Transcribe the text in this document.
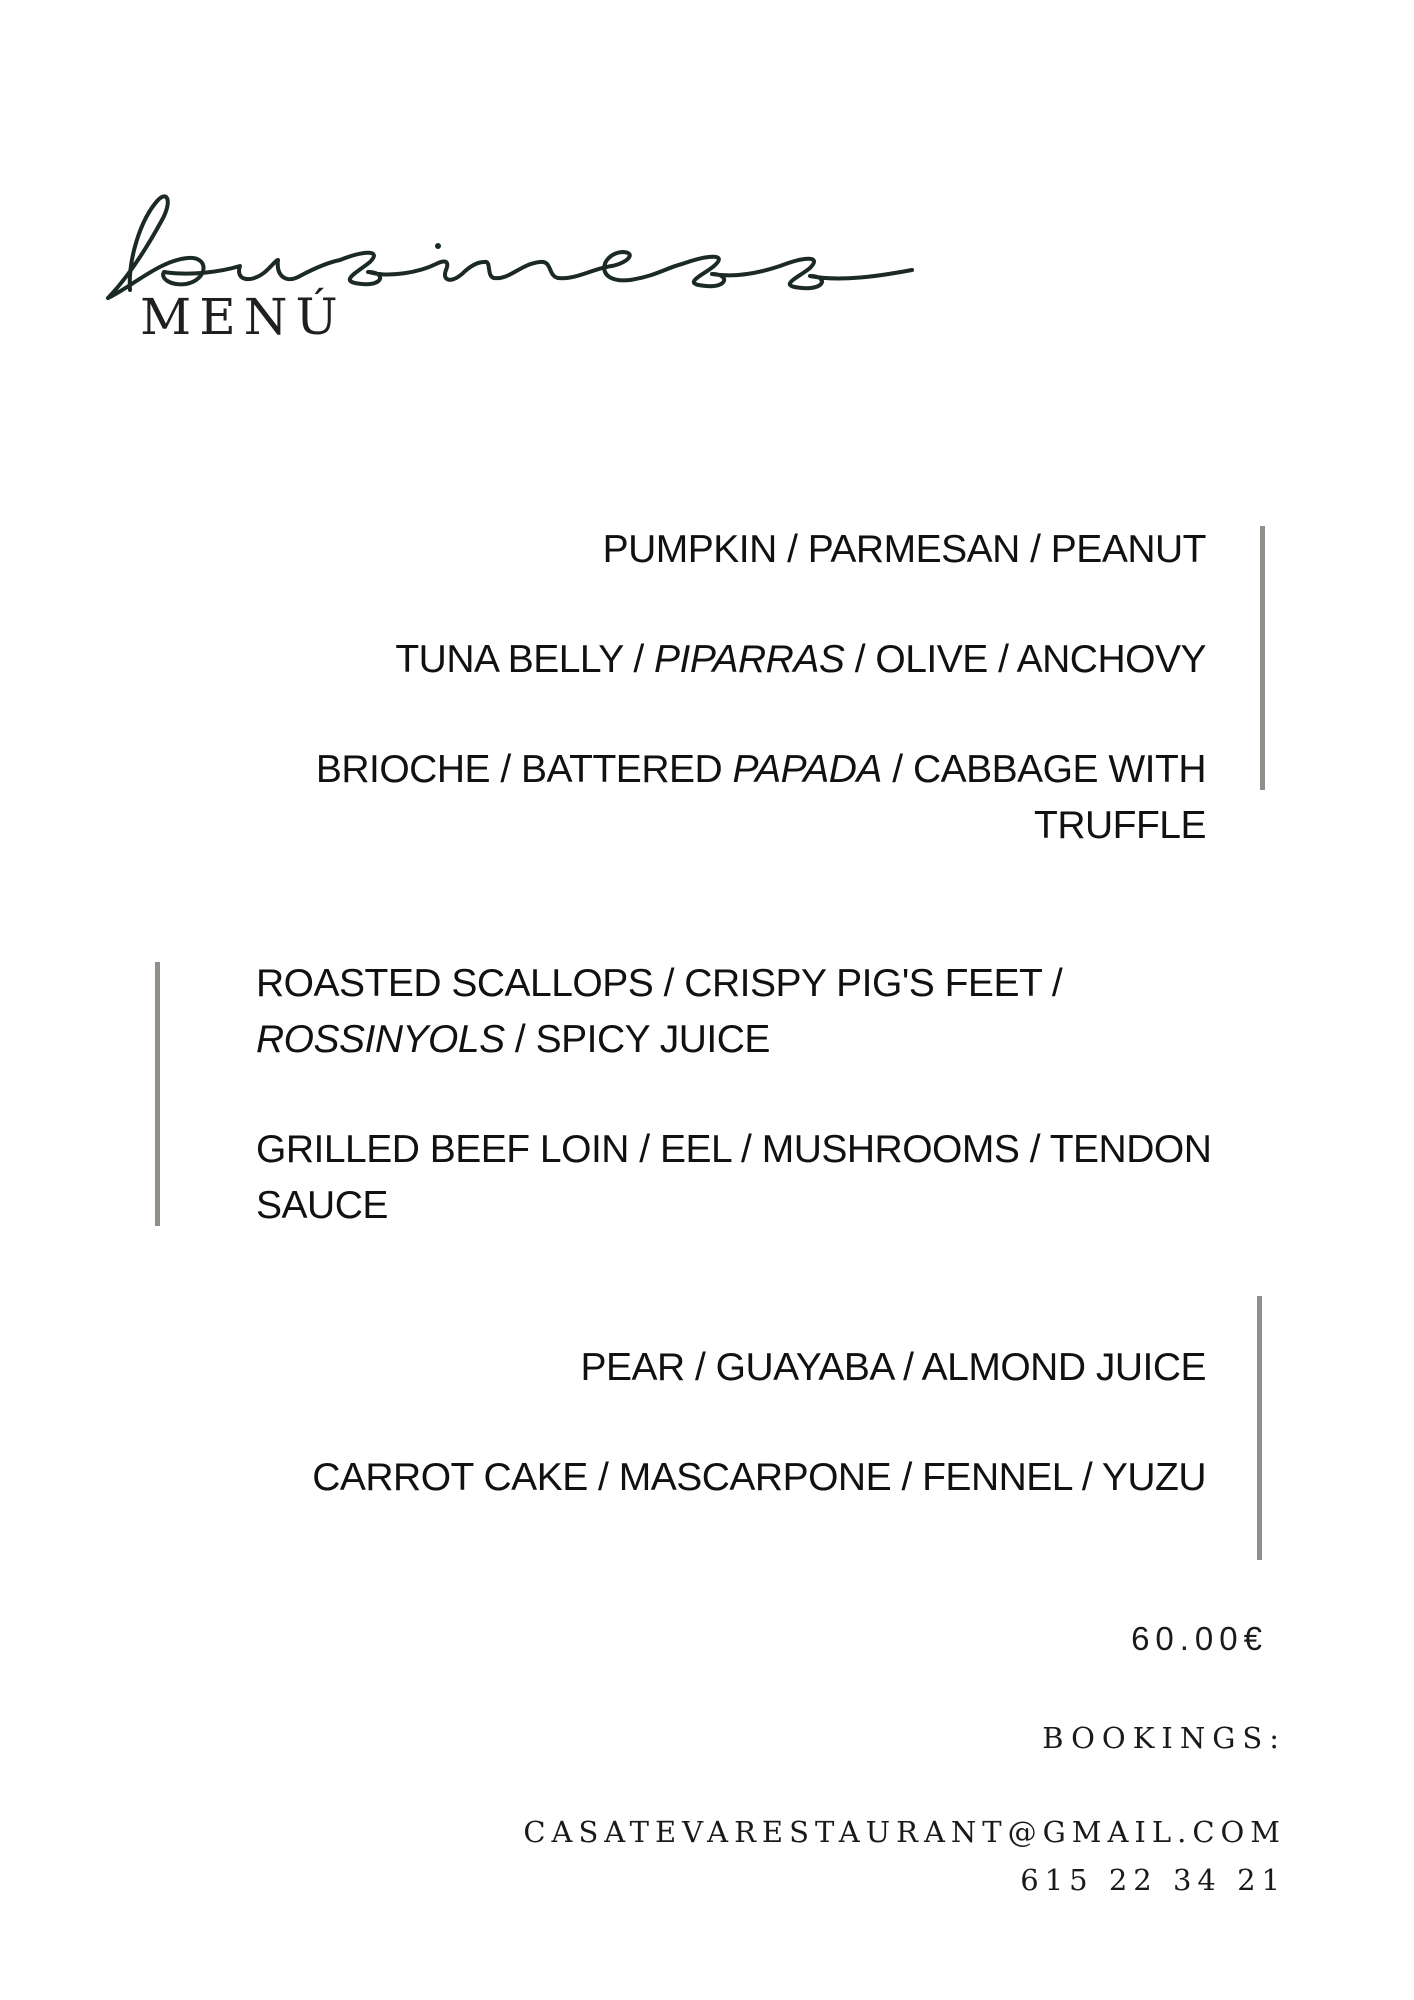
MENÚ
PUMPKIN / PARMESAN / PEANUT
TUNA BELLY / PIPARRAS / OLIVE / ANCHOVY
BRIOCHE / BATTERED PAPADA / CABBAGE WITH TRUFFLE
ROASTED SCALLOPS / CRISPY PIG'S FEET / ROSSINYOLS / SPICY JUICE
GRILLED BEEF LOIN / EEL / MUSHROOMS / TENDON SAUCE
PEAR / GUAYABA / ALMOND JUICE
CARROT CAKE / MASCARPONE / FENNEL / YUZU
60.00€
BOOKINGS:
CASATEVARESTAURANT@GMAIL.COM
615 22 34 21
